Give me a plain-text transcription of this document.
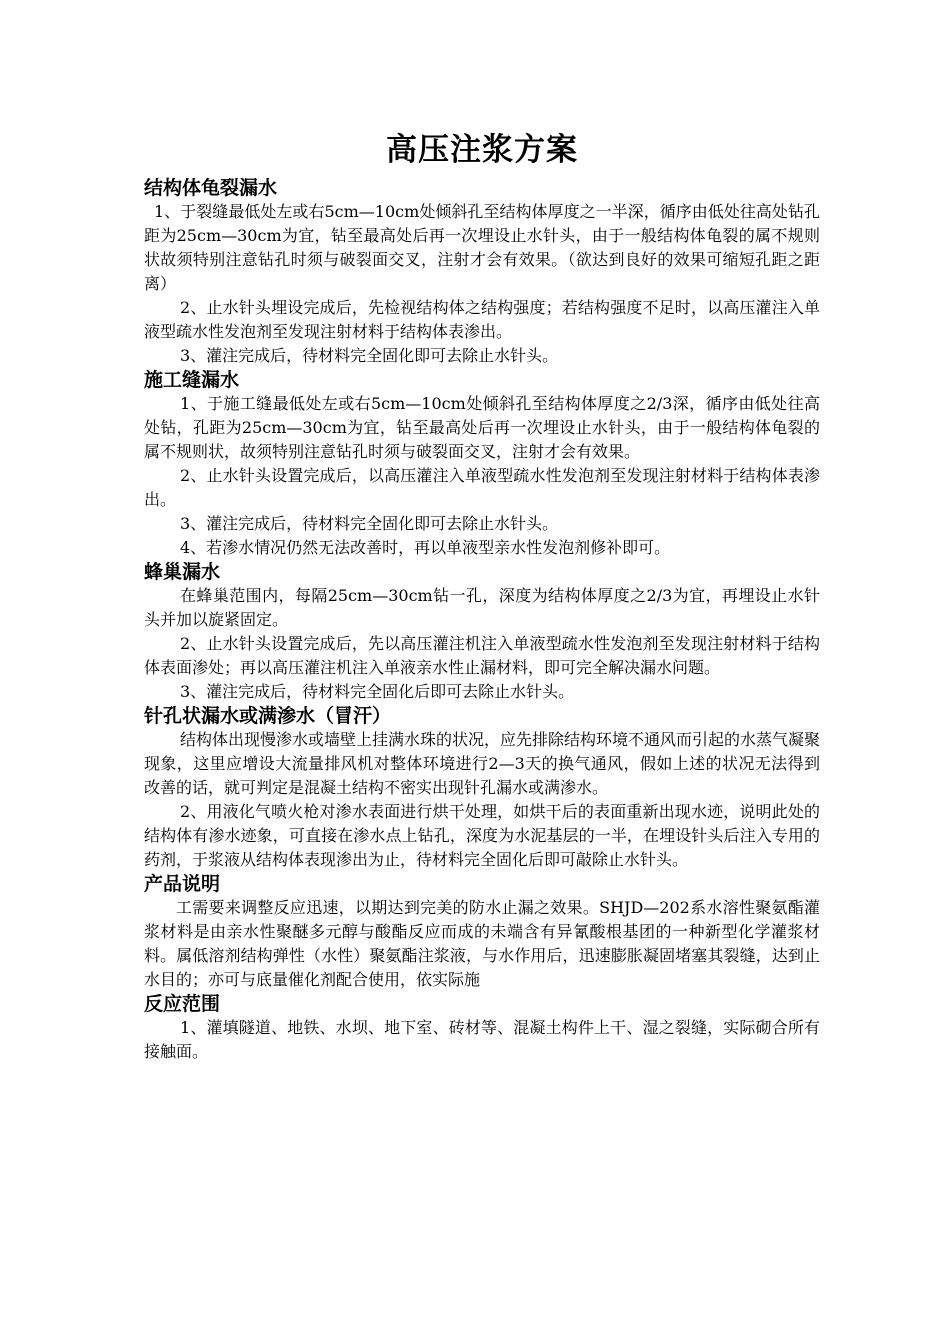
高压注浆方案
结构体龟裂漏水

1、于裂缝最低处左或右5cm—10cm处倾斜孔至结构体厚度之一半深，循序由低处往高处钻孔距为25cm—30cm为宜，钻至最高处后再一次埋设止水针头，由于一般结构体龟裂的属不规则状故须特别注意钻孔时须与破裂面交叉，注射才会有效果。（欲达到良好的效果可缩短孔距之距离）

2、止水针头埋设完成后，先检视结构体之结构强度；若结构强度不足时，以高压灌注入单液型疏水性发泡剂至发现注射材料于结构体表渗出。

3、灌注完成后，待材料完全固化即可去除止水针头。

施工缝漏水

1、于施工缝最低处左或右5cm—10cm处倾斜孔至结构体厚度之2/3深，循序由低处往高处钻，孔距为25cm—30cm为宜，钻至最高处后再一次埋设止水针头，由于一般结构体龟裂的属不规则状，故须特别注意钻孔时须与破裂面交叉，注射才会有效果。

2、止水针头设置完成后，以高压灌注入单液型疏水性发泡剂至发现注射材料于结构体表渗出。

3、灌注完成后，待材料完全固化即可去除止水针头。

4、若渗水情况仍然无法改善时，再以单液型亲水性发泡剂修补即可。

蜂巢漏水

在蜂巢范围内，每隔25cm—30cm钻一孔，深度为结构体厚度之2/3为宜，再埋设止水针头并加以旋紧固定。

2、止水针头设置完成后，先以高压灌注机注入单液型疏水性发泡剂至发现注射材料于结构体表面渗处；再以高压灌注机注入单液亲水性止漏材料，即可完全解决漏水问题。

3、灌注完成后，待材料完全固化后即可去除止水针头。

针孔状漏水或满渗水（冒汗）

结构体出现慢渗水或墙壁上挂满水珠的状况，应先排除结构环境不通风而引起的水蒸气凝聚现象，这里应增设大流量排风机对整体环境进行2—3天的换气通风，假如上述的状况无法得到改善的话，就可判定是混凝土结构不密实出现针孔漏水或满渗水。

2、用液化气喷火枪对渗水表面进行烘干处理，如烘干后的表面重新出现水迹，说明此处的结构体有渗水迹象，可直接在渗水点上钻孔，深度为水泥基层的一半，在埋设针头后注入专用的药剂，于浆液从结构体表现渗出为止，待材料完全固化后即可敲除止水针头。

产品说明

工需要来调整反应迅速，以期达到完美的防水止漏之效果。SHJD—202系水溶性聚氨酯灌浆材料是由亲水性聚醚多元醇与酸酯反应而成的未端含有异氰酸根基团的一种新型化学灌浆材料。属低溶剂结构弹性（水性）聚氨酯注浆液，与水作用后，迅速膨胀凝固堵塞其裂缝，达到止水目的；亦可与底量催化剂配合使用，依实际施

反应范围

1、灌填隧道、地铁、水坝、地下室、砖材等、混凝土构件上干、湿之裂缝，实际砌合所有接触面。
